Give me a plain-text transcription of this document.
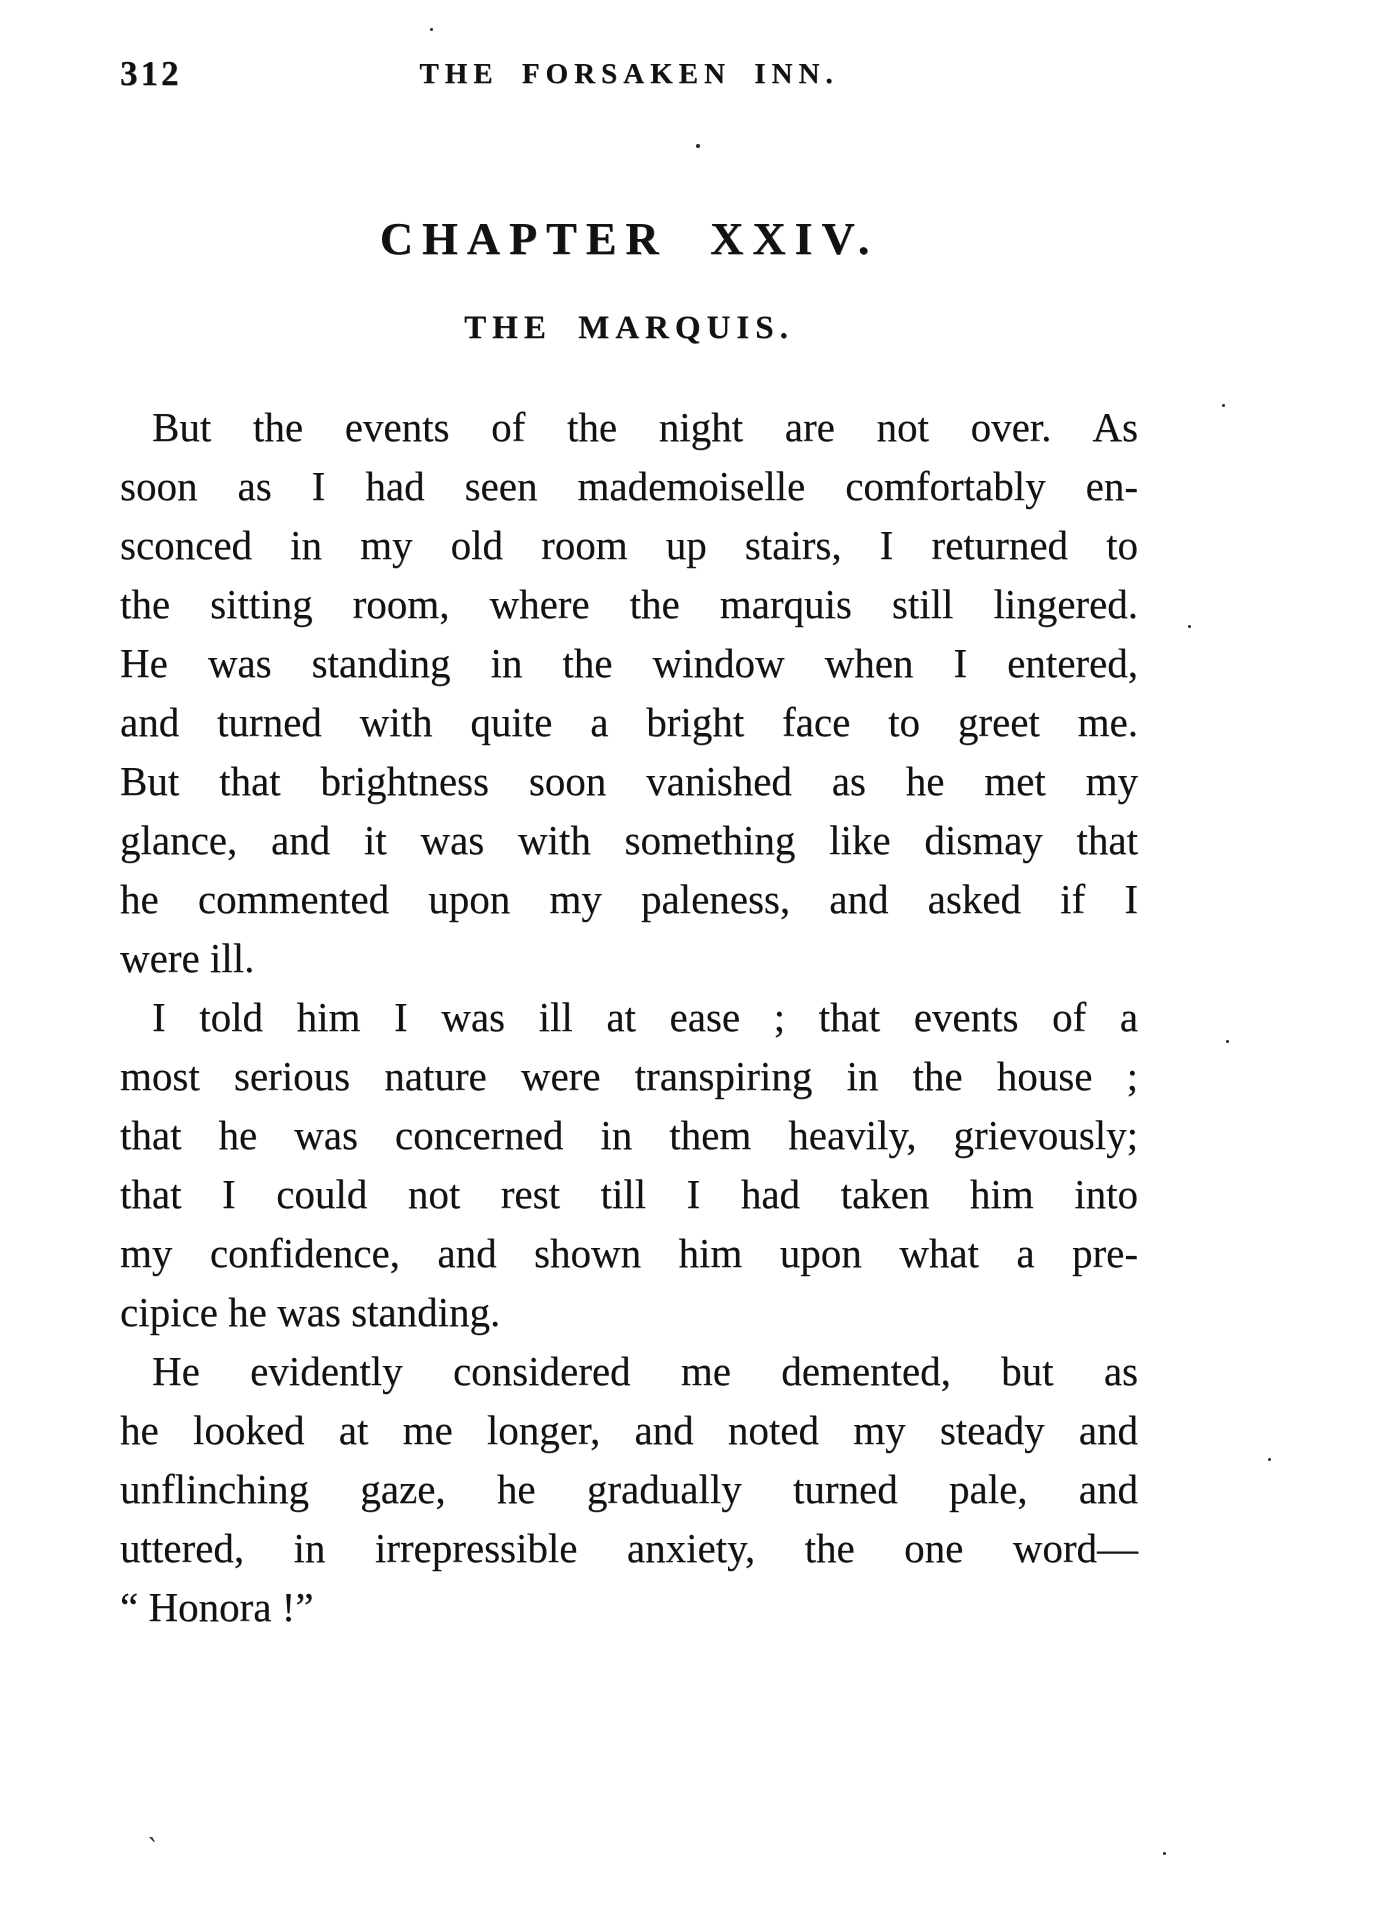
312	THE FORSAKEN INN.
CHAPTER XXIV.
THE MARQUIS.
But the events of the night are not over. As
soon as I had seen mademoiselle comfortably en-
sconced in my old room up stairs, I returned to
the sitting room, where the marquis still lingered.
He was standing in the window when I entered,
and turned with quite a bright face to greet me.
But that brightness soon vanished as he met my
glance, and it was with something like dismay that
he commented upon my paleness, and asked if I
were ill.
I told him I was ill at ease ; that events of a
most serious nature were transpiring in the house ;
that he was concerned in them heavily, grievously;
that I could not rest till I had taken him into
my confidence, and shown him upon what a pre-
cipice he was standing.
He evidently considered me demented, but as
he looked at me longer, and noted my steady and
unflinching gaze, he gradually turned pale, and
uttered, in irrepressible anxiety, the one word—
“ Honora !”
`
